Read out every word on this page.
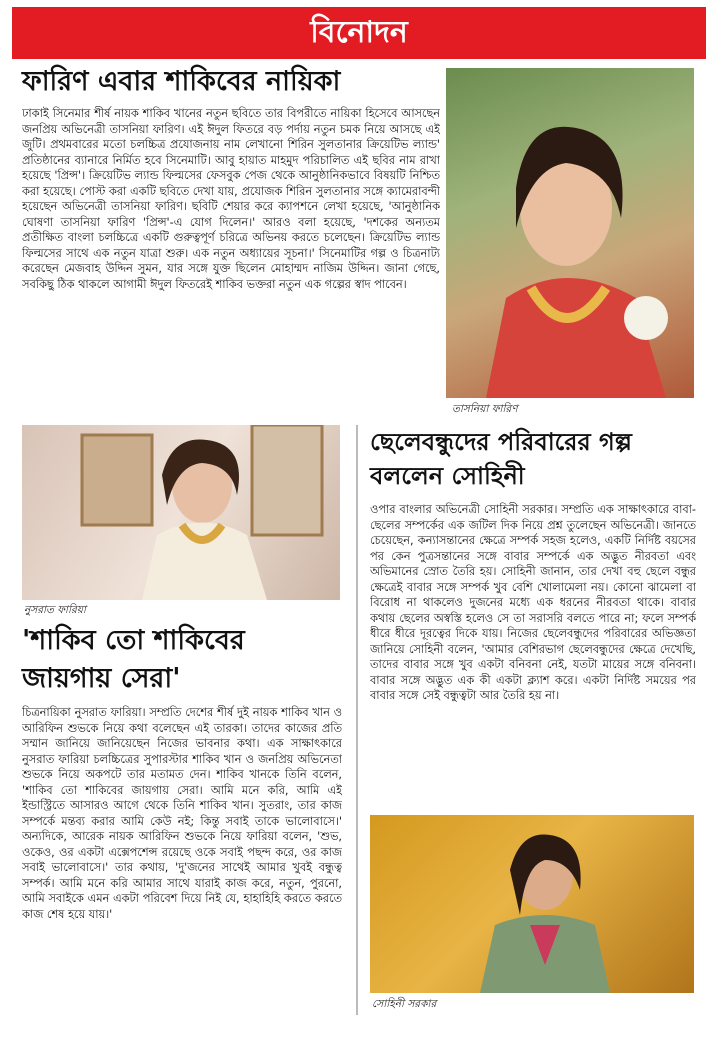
বিনোদন
ফারিণ এবার শাকিবের নায়িকা
ঢাকাই সিনেমার শীর্ষ নায়ক শাকিব খানের নতুন ছবিতে তার বিপরীতে নায়িকা হিসেবে আসছেন জনপ্রিয় অভিনেত্রী তাসনিয়া ফারিণ। এই ঈদুল ফিতরে বড় পর্দায় নতুন চমক নিয়ে আসছে এই জুটি। প্রথমবারের মতো চলচ্চিত্র প্রযোজনায় নাম লেখানো শিরিন সুলতানার ক্রিয়েটিভ ল্যান্ড' প্রতিষ্ঠানের ব্যানারে নির্মিত হবে সিনেমাটি। আবু হায়াত মাহমুদ পরিচালিত এই ছবির নাম রাখা হয়েছে 'প্রিন্স'। ক্রিয়েটিভ ল্যান্ড ফিল্মসের ফেসবুক পেজ থেকে আনুষ্ঠানিকভাবে বিষয়টি নিশ্চিত করা হয়েছে। পোস্ট করা একটি ছবিতে দেখা যায়, প্রযোজক শিরিন সুলতানার সঙ্গে ক্যামেরাবন্দী হয়েছেন অভিনেত্রী তাসনিয়া ফারিণ। ছবিটি শেয়ার করে ক্যাপশনে লেখা হয়েছে, 'আনুষ্ঠানিক ঘোষণা তাসনিয়া ফারিণ 'প্রিন্স'-এ যোগ দিলেন।' আরও বলা হয়েছে, 'দশকের অন্যতম প্রতীক্ষিত বাংলা চলচ্চিত্রে একটি গুরুত্বপূর্ণ চরিত্রে অভিনয় করতে চলেছেন। ক্রিয়েটিভ ল্যান্ড ফিল্মসের সাথে এক নতুন যাত্রা শুরু। এক নতুন অধ্যায়ের সূচনা।' সিনেমাটির গল্প ও চিত্রনাট্য করেছেন মেজবাহ উদ্দিন সুমন, যার সঙ্গে যুক্ত ছিলেন মোহাম্মদ নাজিম উদ্দিন। জানা গেছে, সবকিছু ঠিক থাকলে আগামী ঈদুল ফিতরেই শাকিব ভক্তরা নতুন এক গল্পের স্বাদ পাবেন।
তাসনিয়া ফারিণ
নুসরাত ফারিয়া
'শাকিব তো শাকিবের জায়গায় সেরা'
চিত্রনায়িকা নুসরাত ফারিয়া। সম্প্রতি দেশের শীর্ষ দুই নায়ক শাকিব খান ও আরিফিন শুভকে নিয়ে কথা বলেছেন এই তারকা। তাদের কাজের প্রতি সম্মান জানিয়ে জানিয়েছেন নিজের ভাবনার কথা। এক সাক্ষাৎকারে নুসরাত ফারিয়া চলচ্চিত্রের সুপারস্টার শাকিব খান ও জনপ্রিয় অভিনেতা শুভকে নিয়ে অকপটে তার মতামত দেন। শাকিব খানকে তিনি বলেন, 'শাকিব তো শাকিবের জায়গায় সেরা। আমি মনে করি, আমি এই ইন্ডাস্ট্রিতে আসারও আগে থেকে তিনি শাকিব খান। সুতরাং, তার কাজ সম্পর্কে মন্তব্য করার আমি কেউ নই; কিন্তু সবাই তাকে ভালোবাসে।' অন্যদিকে, আরেক নায়ক আরিফিন শুভকে নিয়ে ফারিয়া বলেন, 'শুভ, ওকেও, ওর একটা এক্সেপশেন্স রয়েছে ওকে সবাই পছন্দ করে, ওর কাজ সবাই ভালোবাসে।' তার কথায়, 'দু'জনের সাথেই আমার খুবই বন্ধুত্ব সম্পর্ক। আমি মনে করি আমার সাথে যারাই কাজ করে, নতুন, পুরনো, আমি সবাইকে এমন একটা পরিবেশ দিয়ে নিই যে, হাহাহিহি করতে করতে কাজ শেষ হয়ে যায়।'
ছেলেবন্ধুদের পরিবারের গল্প বললেন সোহিনী
ওপার বাংলার অভিনেত্রী সোহিনী সরকার। সম্প্রতি এক সাক্ষাৎকারে বাবা-ছেলের সম্পর্কের এক জটিল দিক নিয়ে প্রশ্ন তুলেছেন অভিনেত্রী। জানতে চেয়েছেন, কন্যাসন্তানের ক্ষেত্রে সম্পর্ক সহজ হলেও, একটি নির্দিষ্ট বয়সের পর কেন পুত্রসন্তানের সঙ্গে বাবার সম্পর্কে এক অদ্ভুত নীরবতা এবং অভিমানের স্রোত তৈরি হয়। সোহিনী জানান, তার দেখা বহু ছেলে বন্ধুর ক্ষেত্রেই বাবার সঙ্গে সম্পর্ক খুব বেশি খোলামেলা নয়। কোনো ঝামেলা বা বিরোধ না থাকলেও দুজনের মধ্যে এক ধরনের নীরবতা থাকে। বাবার কথায় ছেলের অস্বস্তি হলেও সে তা সরাসরি বলতে পারে না; ফলে সম্পর্ক ধীরে ধীরে দূরত্বের দিকে যায়। নিজের ছেলেবন্ধুদের পরিবারের অভিজ্ঞতা জানিয়ে সোহিনী বলেন, 'আমার বেশিরভাগ ছেলেবন্ধুদের ক্ষেত্রে দেখেছি, তাদের বাবার সঙ্গে খুব একটা বনিবনা নেই, যতটা মায়ের সঙ্গে বনিবনা। বাবার সঙ্গে অদ্ভুত এক কী একটা ক্ল্যাশ করে। একটা নির্দিষ্ট সময়ের পর বাবার সঙ্গে সেই বন্ধুত্বটা আর তৈরি হয় না।
সোহিনী সরকার
